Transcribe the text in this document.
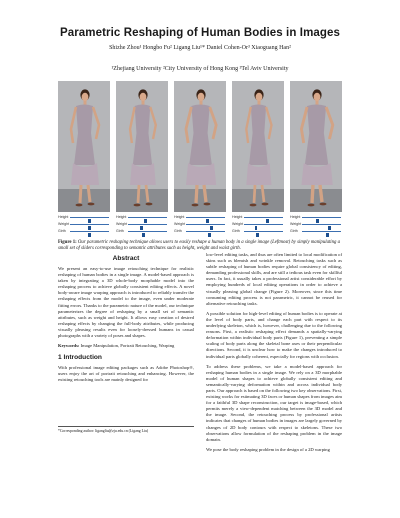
Parametric Reshaping of Human Bodies in Images
Shizhe Zhou¹ Hongbo Fu² Ligang Liu¹* Daniel Cohen-Or³ Xiaoguang Han²
¹Zhejiang University ²City University of Hong Kong ³Tel Aviv University
Height
Weight
Girth
Height
Weight
Girth
Height
Weight
Girth
Height
Weight
Girth
Height
Weight
Girth
Figure 1: Our parametric reshaping technique allows users to easily reshape a human body in a single image (Leftmost) by simply manipulating a small set of sliders corresponding to semantic attributes such as height, weight and waist girth.
Abstract
We present an easy-to-use image retouching technique for realistic reshaping of human bodies in a single image. A model-based approach is taken by integrating a 3D whole-body morphable model into the reshaping process to achieve globally consistent editing effects. A novel body-aware image warping approach is introduced to reliably transfer the reshaping effects from the model to the image, even under moderate fitting errors. Thanks to the parametric nature of the model, our technique parameterizes the degree of reshaping by a small set of semantic attributes, such as weight and height. It allows easy creation of desired reshaping effects by changing the full-body attributes, while producing visually pleasing results even for loosely-dressed humans in casual photographs with a variety of poses and shapes.
Keywords: Image Manipulation, Portrait Retouching, Warping
1 Introduction
With professional image editing packages such as Adobe Photoshop®, users enjoy the art of portrait retouching and enhancing. However, the existing retouching tools are mainly designed for
*Corresponding author: ligangliu@zju.edu.cn (Ligang Liu)
low-level editing tasks, and thus are often limited to local modification of skins such as blemish and wrinkle removal. Retouching tasks such as subtle reshaping of human bodies require global consistency of editing, demanding professional skills, and are still a tedious task even for skillful users. In fact, it usually takes a professional artist considerable effort by employing hundreds of local editing operations in order to achieve a visually pleasing global change (Figure 2). Moreover, since this time consuming editing process is not parametric, it cannot be reused for alternative retouching tasks.
A possible solution for high-level editing of human bodies is to operate at the level of body parts, and change each part with respect to its underlying skeleton, which is, however, challenging due to the following reasons. First, a realistic reshaping effect demands a spatially-varying deformation within individual body parts (Figure 1), preventing a simple scaling of body parts along the skeletal bone axes or their perpendicular directions. Second, it is unclear how to make the changes introduced to individual parts globally coherent, especially for regions with occlusion.
To address these problems, we take a model-based approach for reshaping human bodies in a single image. We rely on a 3D morphable model of human shapes to achieve globally consistent editing and semantically-varying deformation within and across individual body parts. Our approach is based on the following two key observations. First, existing works for estimating 3D faces or human shapes from images aim for a faithful 3D shape reconstruction, our target is image-based, which permits merely a view-dependent matching between the 3D model and the image. Second, the retouching process by professional artists indicates that changes of human bodies in images are largely governed by changes of 2D body contours with respect to skeletons. These two observations allow formulation of the reshaping problem in the image domain.
We pose the body reshaping problem in the design of a 2D warping
